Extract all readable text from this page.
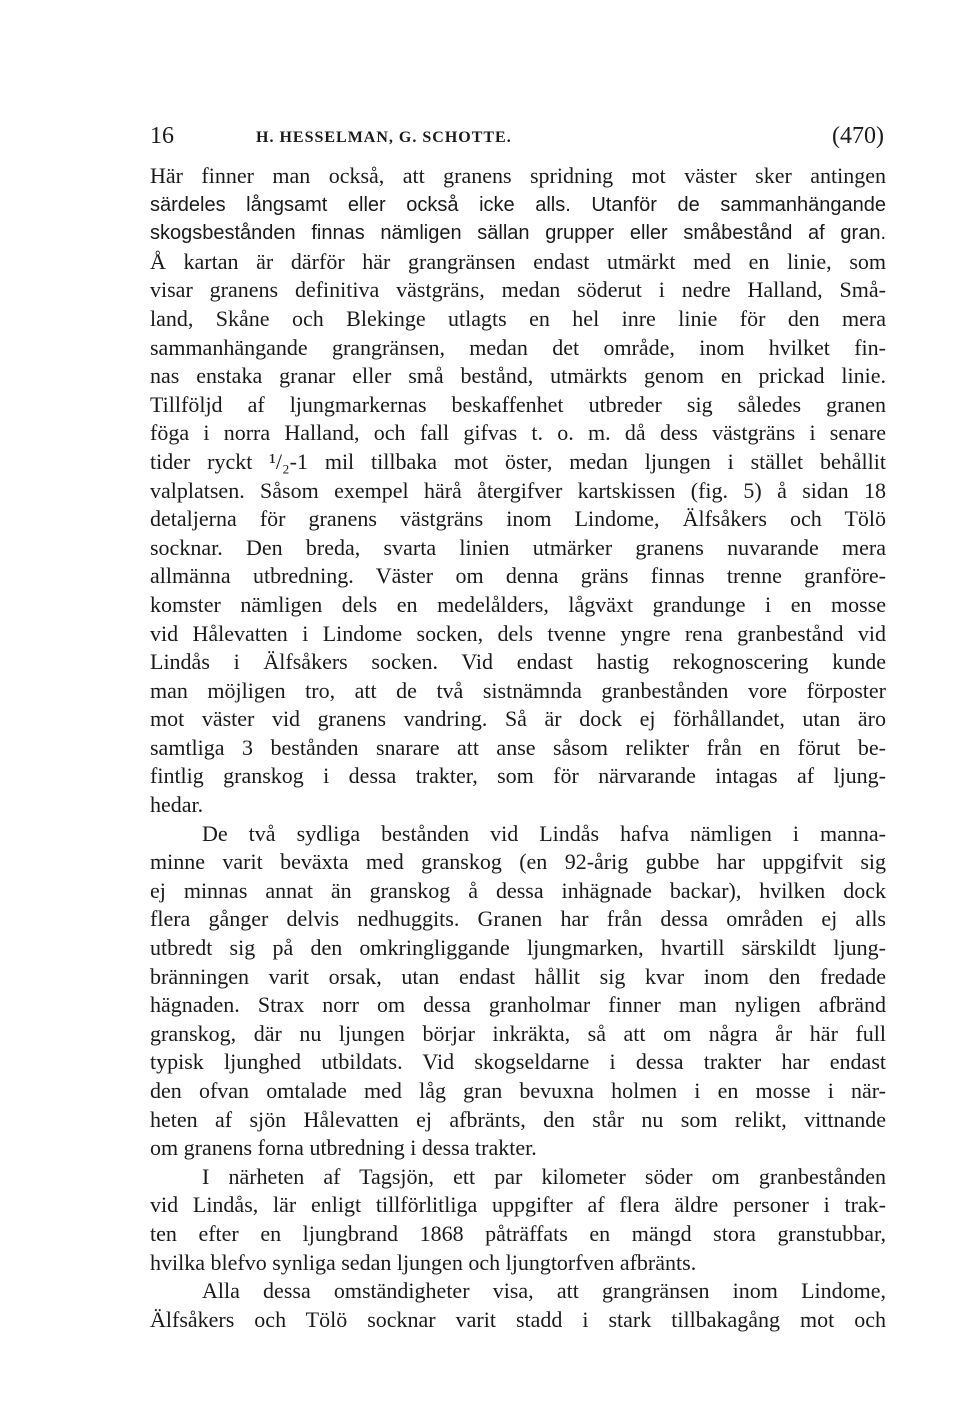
16	H. HESSELMAN, G. SCHOTTE.	(470)
Här finner man också, att granens spridning mot väster sker antingen
särdeles långsamt eller också icke alls. Utanför de sammanhängande
skogsbestånden finnas nämligen sällan grupper eller småbestånd af gran.
Å kartan är därför här grangränsen endast utmärkt med en linie, som
visar granens definitiva västgräns, medan söderut i nedre Halland, Små-
land, Skåne och Blekinge utlagts en hel inre linie för den mera
sammanhängande grangränsen, medan det område, inom hvilket fin-
nas enstaka granar eller små bestånd, utmärkts genom en prickad linie.
Tillföljd af ljungmarkernas beskaffenhet utbreder sig således granen
föga i norra Halland, och fall gifvas t. o. m. då dess västgräns i senare
tider ryckt ¹/₂-1 mil tillbaka mot öster, medan ljungen i stället behållit
valplatsen. Såsom exempel härå återgifver kartskissen (fig. 5) å sidan 18
detaljerna för granens västgräns inom Lindome, Älfsåkers och Tölö
socknar. Den breda, svarta linien utmärker granens nuvarande mera
allmänna utbredning. Väster om denna gräns finnas trenne granföre-
komster nämligen dels en medelålders, lågväxt grandunge i en mosse
vid Hålevatten i Lindome socken, dels tvenne yngre rena granbestånd vid
Lindås i Älfsåkers socken. Vid endast hastig rekognoscering kunde
man möjligen tro, att de två sistnämnda granbestånden vore förposter
mot väster vid granens vandring. Så är dock ej förhållandet, utan äro
samtliga 3 bestånden snarare att anse såsom relikter från en förut be-
fintlig granskog i dessa trakter, som för närvarande intagas af ljung-
hedar.
De två sydliga bestånden vid Lindås hafva nämligen i manna-
minne varit beväxta med granskog (en 92-årig gubbe har uppgifvit sig
ej minnas annat än granskog å dessa inhägnade backar), hvilken dock
flera gånger delvis nedhuggits. Granen har från dessa områden ej alls
utbredt sig på den omkringliggande ljungmarken, hvartill särskildt ljung-
bränningen varit orsak, utan endast hållit sig kvar inom den fredade
hägnaden. Strax norr om dessa granholmar finner man nyligen afbränd
granskog, där nu ljungen börjar inkräkta, så att om några år här full
typisk ljunghed utbildats. Vid skogseldarne i dessa trakter har endast
den ofvan omtalade med låg gran bevuxna holmen i en mosse i när-
heten af sjön Hålevatten ej afbränts, den står nu som relikt, vittnande
om granens forna utbredning i dessa trakter.
I närheten af Tagsjön, ett par kilometer söder om granbestånden
vid Lindås, lär enligt tillförlitliga uppgifter af flera äldre personer i trak-
ten efter en ljungbrand 1868 påträffats en mängd stora granstubbar,
hvilka blefvo synliga sedan ljungen och ljungtorfven afbränts.
Alla dessa omständigheter visa, att grangränsen inom Lindome,
Älfsåkers och Tölö socknar varit stadd i stark tillbakagång mot och
